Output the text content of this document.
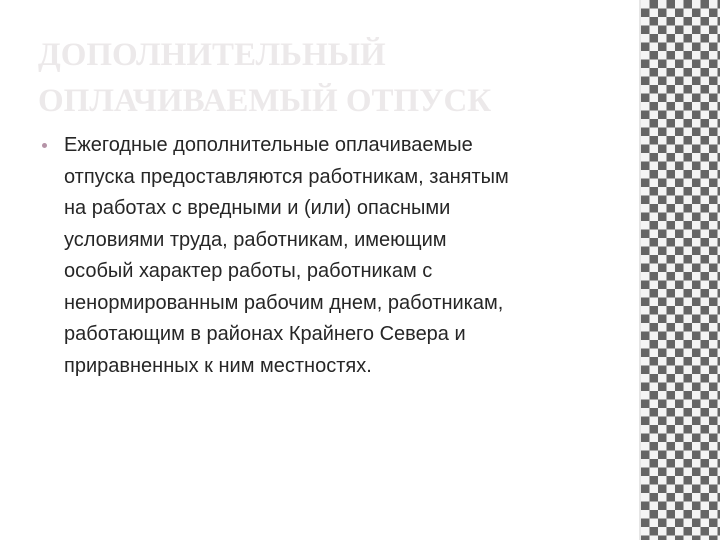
ДОПОЛНИТЕЛЬНЫЙ
ОПЛАЧИВАЕМЫЙ ОТПУСК
Ежегодные дополнительные оплачиваемые
отпуска предоставляются работникам, занятым
на работах с вредными и (или) опасными
условиями труда, работникам, имеющим
особый характер работы, работникам с
ненормированным рабочим днем, работникам,
работающим в районах Крайнего Севера и
приравненных к ним местностях.
